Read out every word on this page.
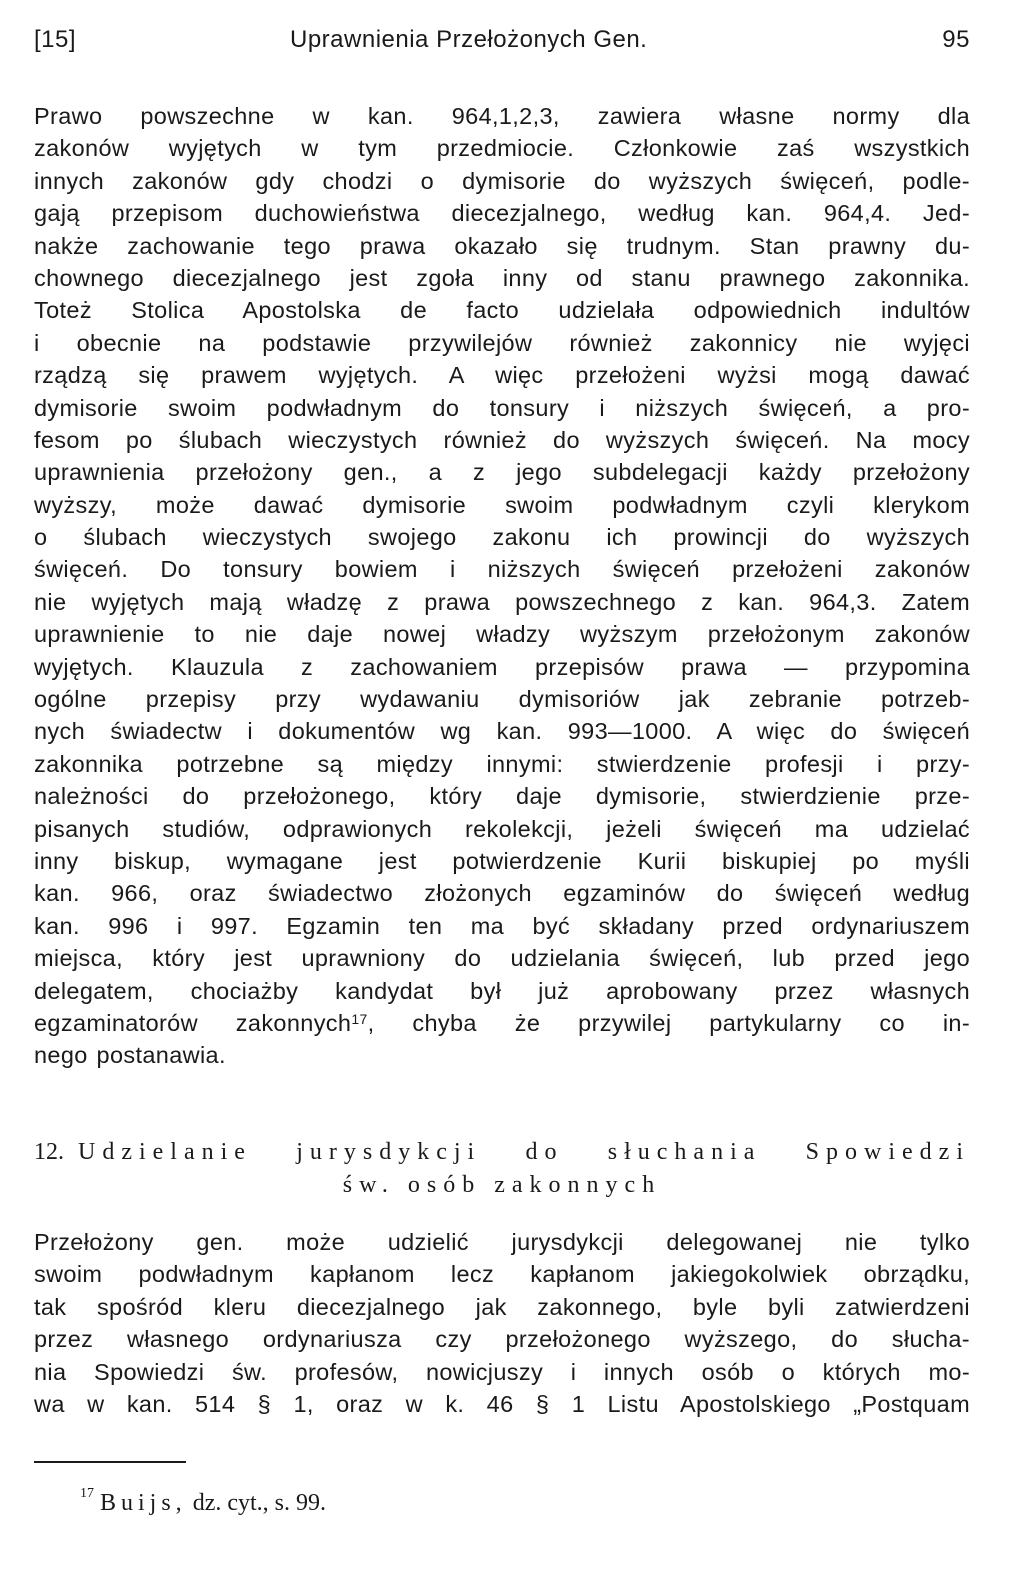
[15]	Uprawnienia Przełożonych Gen.	95
Prawo powszechne w kan. 964,1,2,3, zawiera własne normy dla
zakonów wyjętych w tym przedmiocie. Członkowie zaś wszystkich
innych zakonów gdy chodzi o dymisorie do wyższych święceń, podle-
gają przepisom duchowieństwa diecezjalnego, według kan. 964,4. Jed-
nakże zachowanie tego prawa okazało się trudnym. Stan prawny du-
chownego diecezjalnego jest zgoła inny od stanu prawnego zakonnika.
Toteż Stolica Apostolska de facto udzielała odpowiednich indultów
i obecnie na podstawie przywilejów również zakonnicy nie wyjęci
rządzą się prawem wyjętych. A więc przełożeni wyżsi mogą dawać
dymisorie swoim podwładnym do tonsury i niższych święceń, a pro-
fesom po ślubach wieczystych również do wyższych święceń. Na mocy
uprawnienia przełożony gen., a z jego subdelegacji każdy przełożony
wyższy, może dawać dymisorie swoim podwładnym czyli klerykom
o ślubach wieczystych swojego zakonu ich prowincji do wyższych
święceń. Do tonsury bowiem i niższych święceń przełożeni zakonów
nie wyjętych mają władzę z prawa powszechnego z kan. 964,3. Zatem
uprawnienie to nie daje nowej władzy wyższym przełożonym zakonów
wyjętych. Klauzula z zachowaniem przepisów prawa — przypomina
ogólne przepisy przy wydawaniu dymisoriów jak zebranie potrzeb-
nych świadectw i dokumentów wg kan. 993—1000. A więc do święceń
zakonnika potrzebne są między innymi: stwierdzenie profesji i przy-
należności do przełożonego, który daje dymisorie, stwierdzienie prze-
pisanych studiów, odprawionych rekolekcji, jeżeli święceń ma udzielać
inny biskup, wymagane jest potwierdzenie Kurii biskupiej po myśli
kan. 966, oraz świadectwo złożonych egzaminów do święceń według
kan. 996 i 997. Egzamin ten ma być składany przed ordynariuszem
miejsca, który jest uprawniony do udzielania święceń, lub przed jego
delegatem, chociażby kandydat był już aprobowany przez własnych
egzaminatorów zakonnych$^{17}$, chyba że przywilej partykularny co in-
nego postanawia.
12. Udzielanie jurysdykcji do słuchania Spowiedzi
św. osób zakonnych
Przełożony gen. może udzielić jurysdykcji delegowanej nie tylko
swoim podwładnym kapłanom lecz kapłanom jakiegokolwiek obrządku,
tak spośród kleru diecezjalnego jak zakonnego, byle byli zatwierdzeni
przez własnego ordynariusza czy przełożonego wyższego, do słucha-
nia Spowiedzi św. profesów, nowicjuszy i innych osób o których mo-
wa w kan. 514 § 1, oraz w k. 46 § 1 Listu Apostolskiego „Postquam
$^{17}$ Buijs, dz. cyt., s. 99.
